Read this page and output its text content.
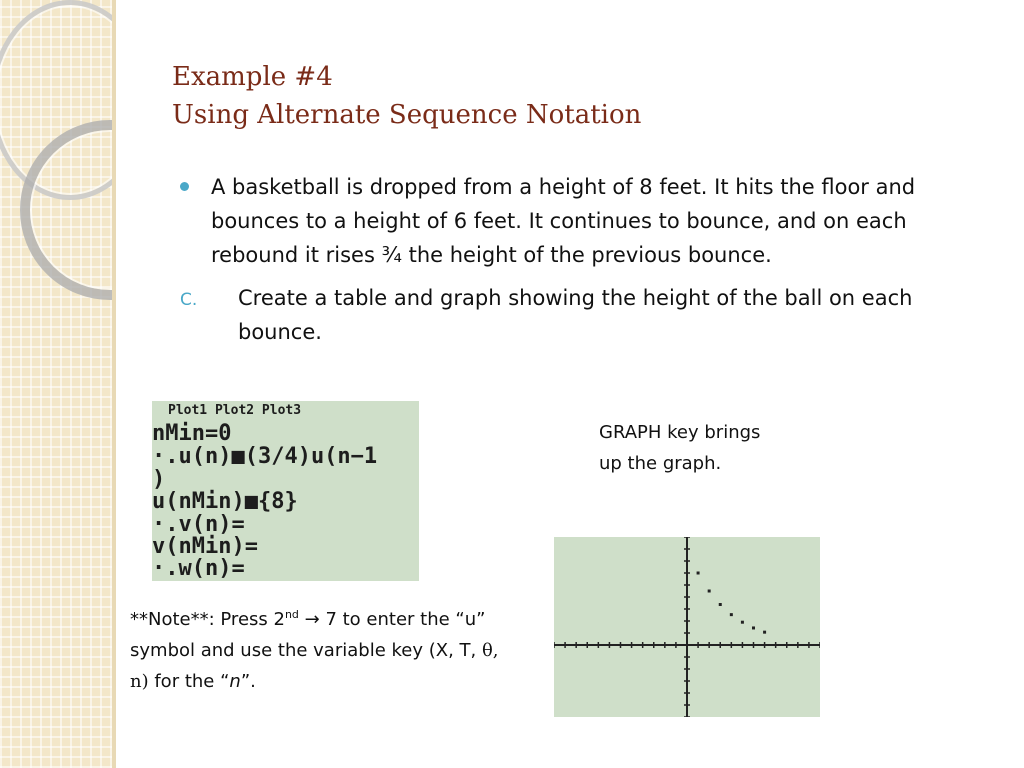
Example #4
Using Alternate Sequence Notation
A basketball is dropped from a height of 8 feet. It hits the floor and bounces to a height of 6 feet. It continues to bounce, and on each rebound it rises ¾ the height of the previous bounce.
C. Create a table and graph showing the height of the ball on each bounce.
Plot1 Plot2 Plot3
nMin=0
·.u(n)■(3/4)u(n−1
)
u(nMin)■{8}
·.v(n)=
v(nMin)=
·.w(n)=
GRAPH key brings up the graph.
**Note**: Press 2nd → 7 to enter the “u” symbol and use the variable key (X, T, θ, n) for the “n”.
